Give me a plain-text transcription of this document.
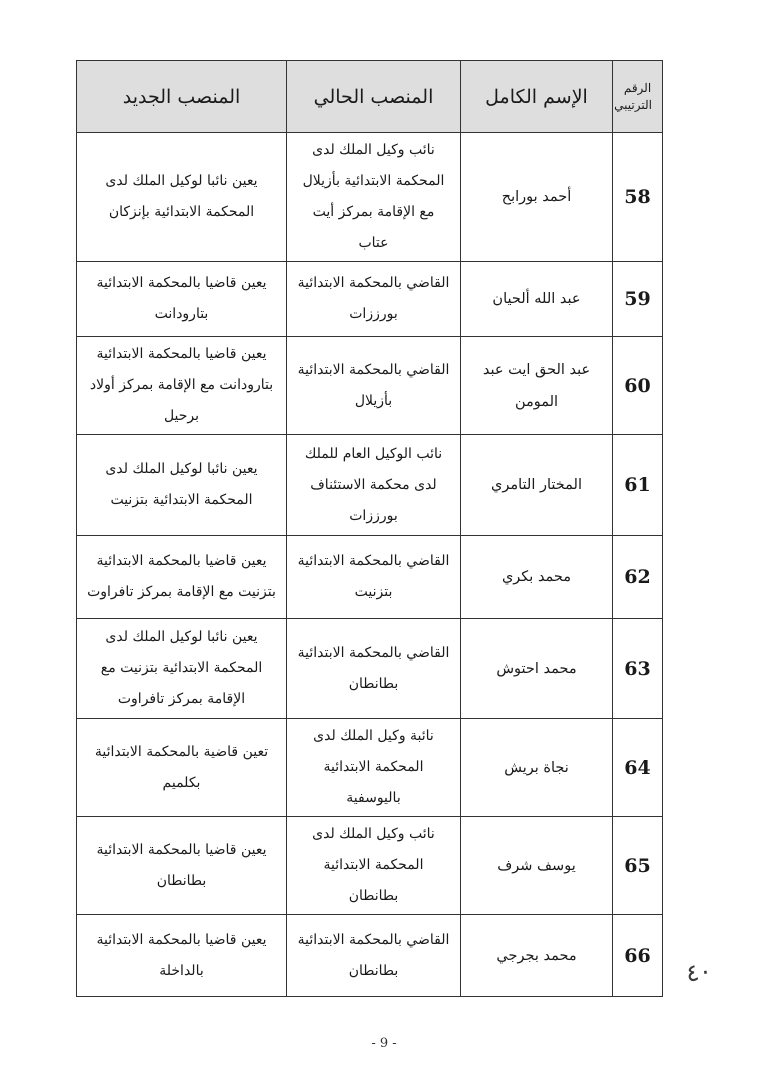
الرقم الترتيبي	الإسم الكامل	المنصب الحالي	المنصب الجديد
58	أحمد بورابح	نائب وكيل الملك لدى المحكمة الابتدائية بأزيلال مع الإقامة بمركز أيت عتاب	يعين نائبا لوكيل الملك لدى المحكمة الابتدائية بإنزكان
59	عبد الله ألحيان	القاضي بالمحكمة الابتدائية بورززات	يعين قاضيا بالمحكمة الابتدائية بتارودانت
60	عبد الحق ايت عبد المومن	القاضي بالمحكمة الابتدائية بأزيلال	يعين قاضيا بالمحكمة الابتدائية بتارودانت مع الإقامة بمركز أولاد برحيل
61	المختار التامري	نائب الوكيل العام للملك لدى محكمة الاستئناف بورززات	يعين نائبا لوكيل الملك لدى المحكمة الابتدائية بتزنيت
62	محمد بكري	القاضي بالمحكمة الابتدائية بتزنيت	يعين قاضيا بالمحكمة الابتدائية بتزنيت مع الإقامة بمركز تافراوت
63	محمد احتوش	القاضي بالمحكمة الابتدائية بطانطان	يعين نائبا لوكيل الملك لدى المحكمة الابتدائية بتزنيت مع الإقامة بمركز تافراوت
64	نجاة بريش	نائبة وكيل الملك لدى المحكمة الابتدائية باليوسفية	تعين قاضية بالمحكمة الابتدائية بكلميم
65	يوسف شرف	نائب وكيل الملك لدى المحكمة الابتدائية بطانطان	يعين قاضيا بالمحكمة الابتدائية بطانطان
66	محمد بجرجي	القاضي بالمحكمة الابتدائية بطانطان	يعين قاضيا بالمحكمة الابتدائية بالداخلة	٤٠
- 9 -
